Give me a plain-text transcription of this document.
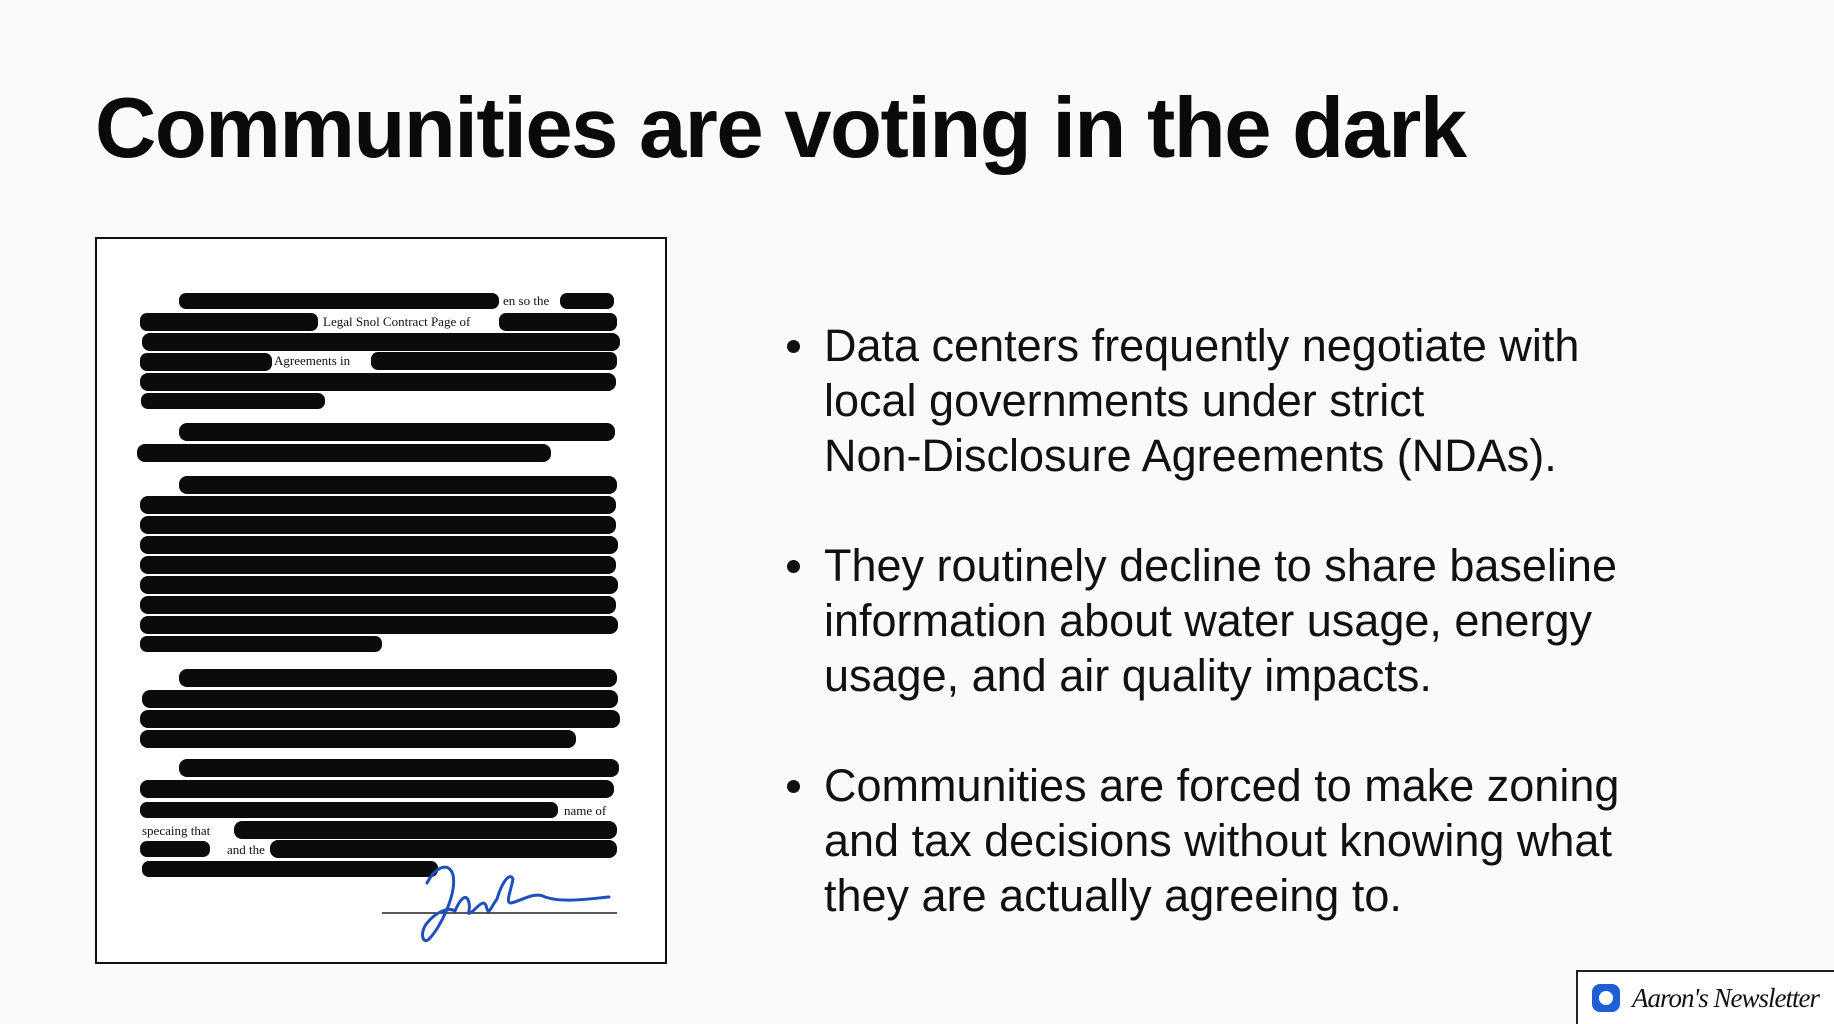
Communities are voting in the dark
en so the
Legal Snol Contract Page of
Agreements in
name of
specaing that
and the
Data centers frequently negotiate with
local governments under strict
Non-Disclosure Agreements (NDAs).
They routinely decline to share baseline
information about water usage, energy
usage, and air quality impacts.
Communities are forced to make zoning
and tax decisions without knowing what
they are actually agreeing to.
Aaron's Newsletter
